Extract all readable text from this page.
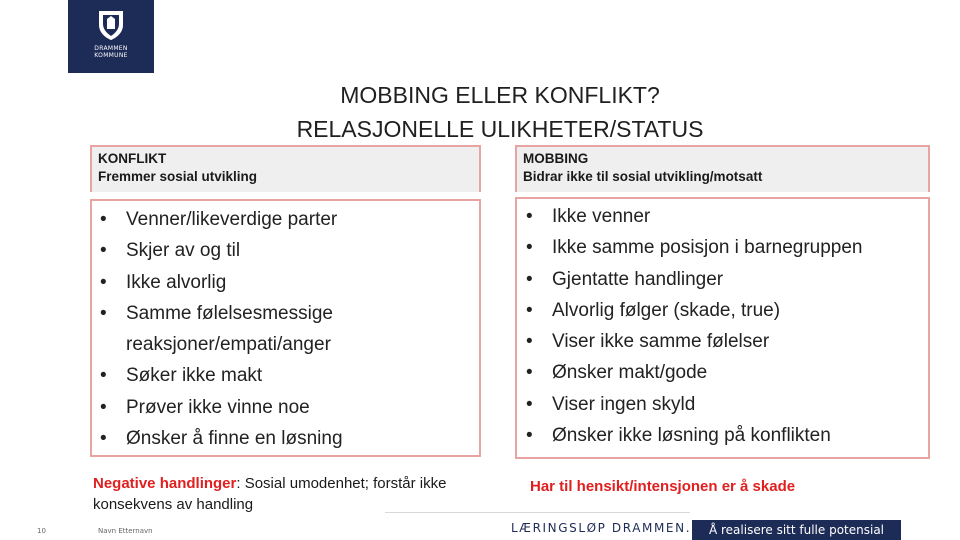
DRAMMEN
KOMMUNE
MOBBING ELLER KONFLIKT?
RELASJONELLE ULIKHETER/STATUS
KONFLIKT
Fremmer sosial utvikling
• Venner/likeverdige parter
• Skjer av og til
• Ikke alvorlig
• Samme følelsesmessige reaksjoner/empati/anger
• Søker ikke makt
• Prøver ikke vinne noe
• Ønsker å finne en løsning
MOBBING
Bidrar ikke til sosial utvikling/motsatt
• Ikke venner
• Ikke samme posisjon i barnegruppen
• Gjentatte handlinger
• Alvorlig følger (skade, true)
• Viser ikke samme følelser
• Ønsker makt/gode
• Viser ingen skyld
• Ønsker ikke løsning på konflikten
Negative handlinger: Sosial umodenhet; forstår ikke konsekvens av handling
Har til hensikt/intensjonen er å skade
10	Navn Etternavn	LÆRINGSLØP DRAMMEN.	Å realisere sitt fulle potensial
